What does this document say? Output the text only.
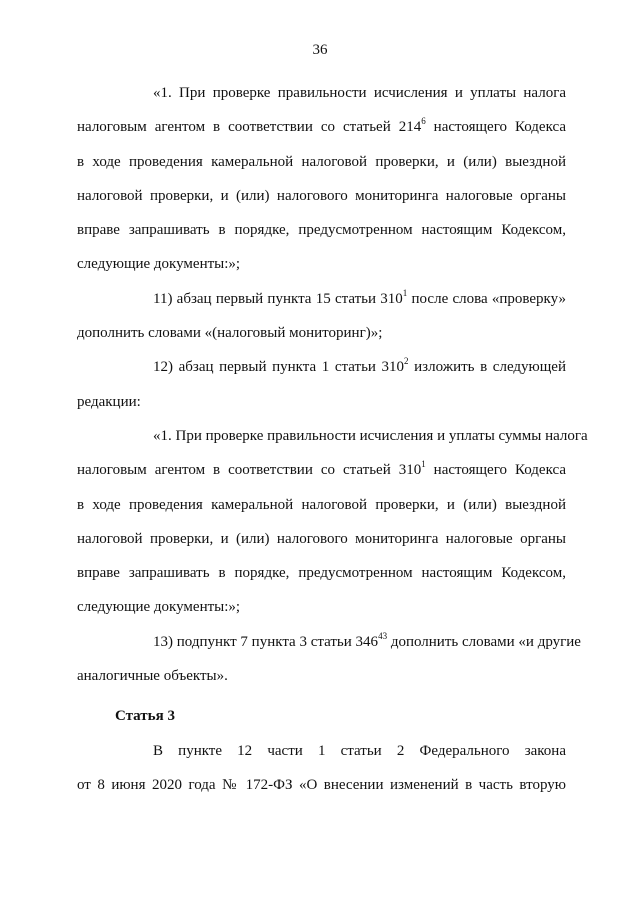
36
«1. При проверке правильности исчисления и уплаты налога
налоговым агентом в соответствии со статьей $214^6$ настоящего Кодекса
в ходе проведения камеральной налоговой проверки, и (или) выездной
налоговой проверки, и (или) налогового мониторинга налоговые органы
вправе запрашивать в порядке, предусмотренном настоящим Кодексом,
следующие документы:»;
11) абзац первый пункта 15 статьи $310^1$ после слова «проверку»
дополнить словами «(налоговый мониторинг)»;
12) абзац первый пункта 1 статьи $310^2$ изложить в следующей
редакции:
«1. При проверке правильности исчисления и уплаты суммы налога
налоговым агентом в соответствии со статьей $310^1$ настоящего Кодекса
в ходе проведения камеральной налоговой проверки, и (или) выездной
налоговой проверки, и (или) налогового мониторинга налоговые органы
вправе запрашивать в порядке, предусмотренном настоящим Кодексом,
следующие документы:»;
13) подпункт 7 пункта 3 статьи $346^{43}$ дополнить словами «и другие
аналогичные объекты».
Статья 3
В пункте 12 части 1 статьи 2 Федерального закона
от 8 июня 2020 года № 172-ФЗ «О внесении изменений в часть вторую
